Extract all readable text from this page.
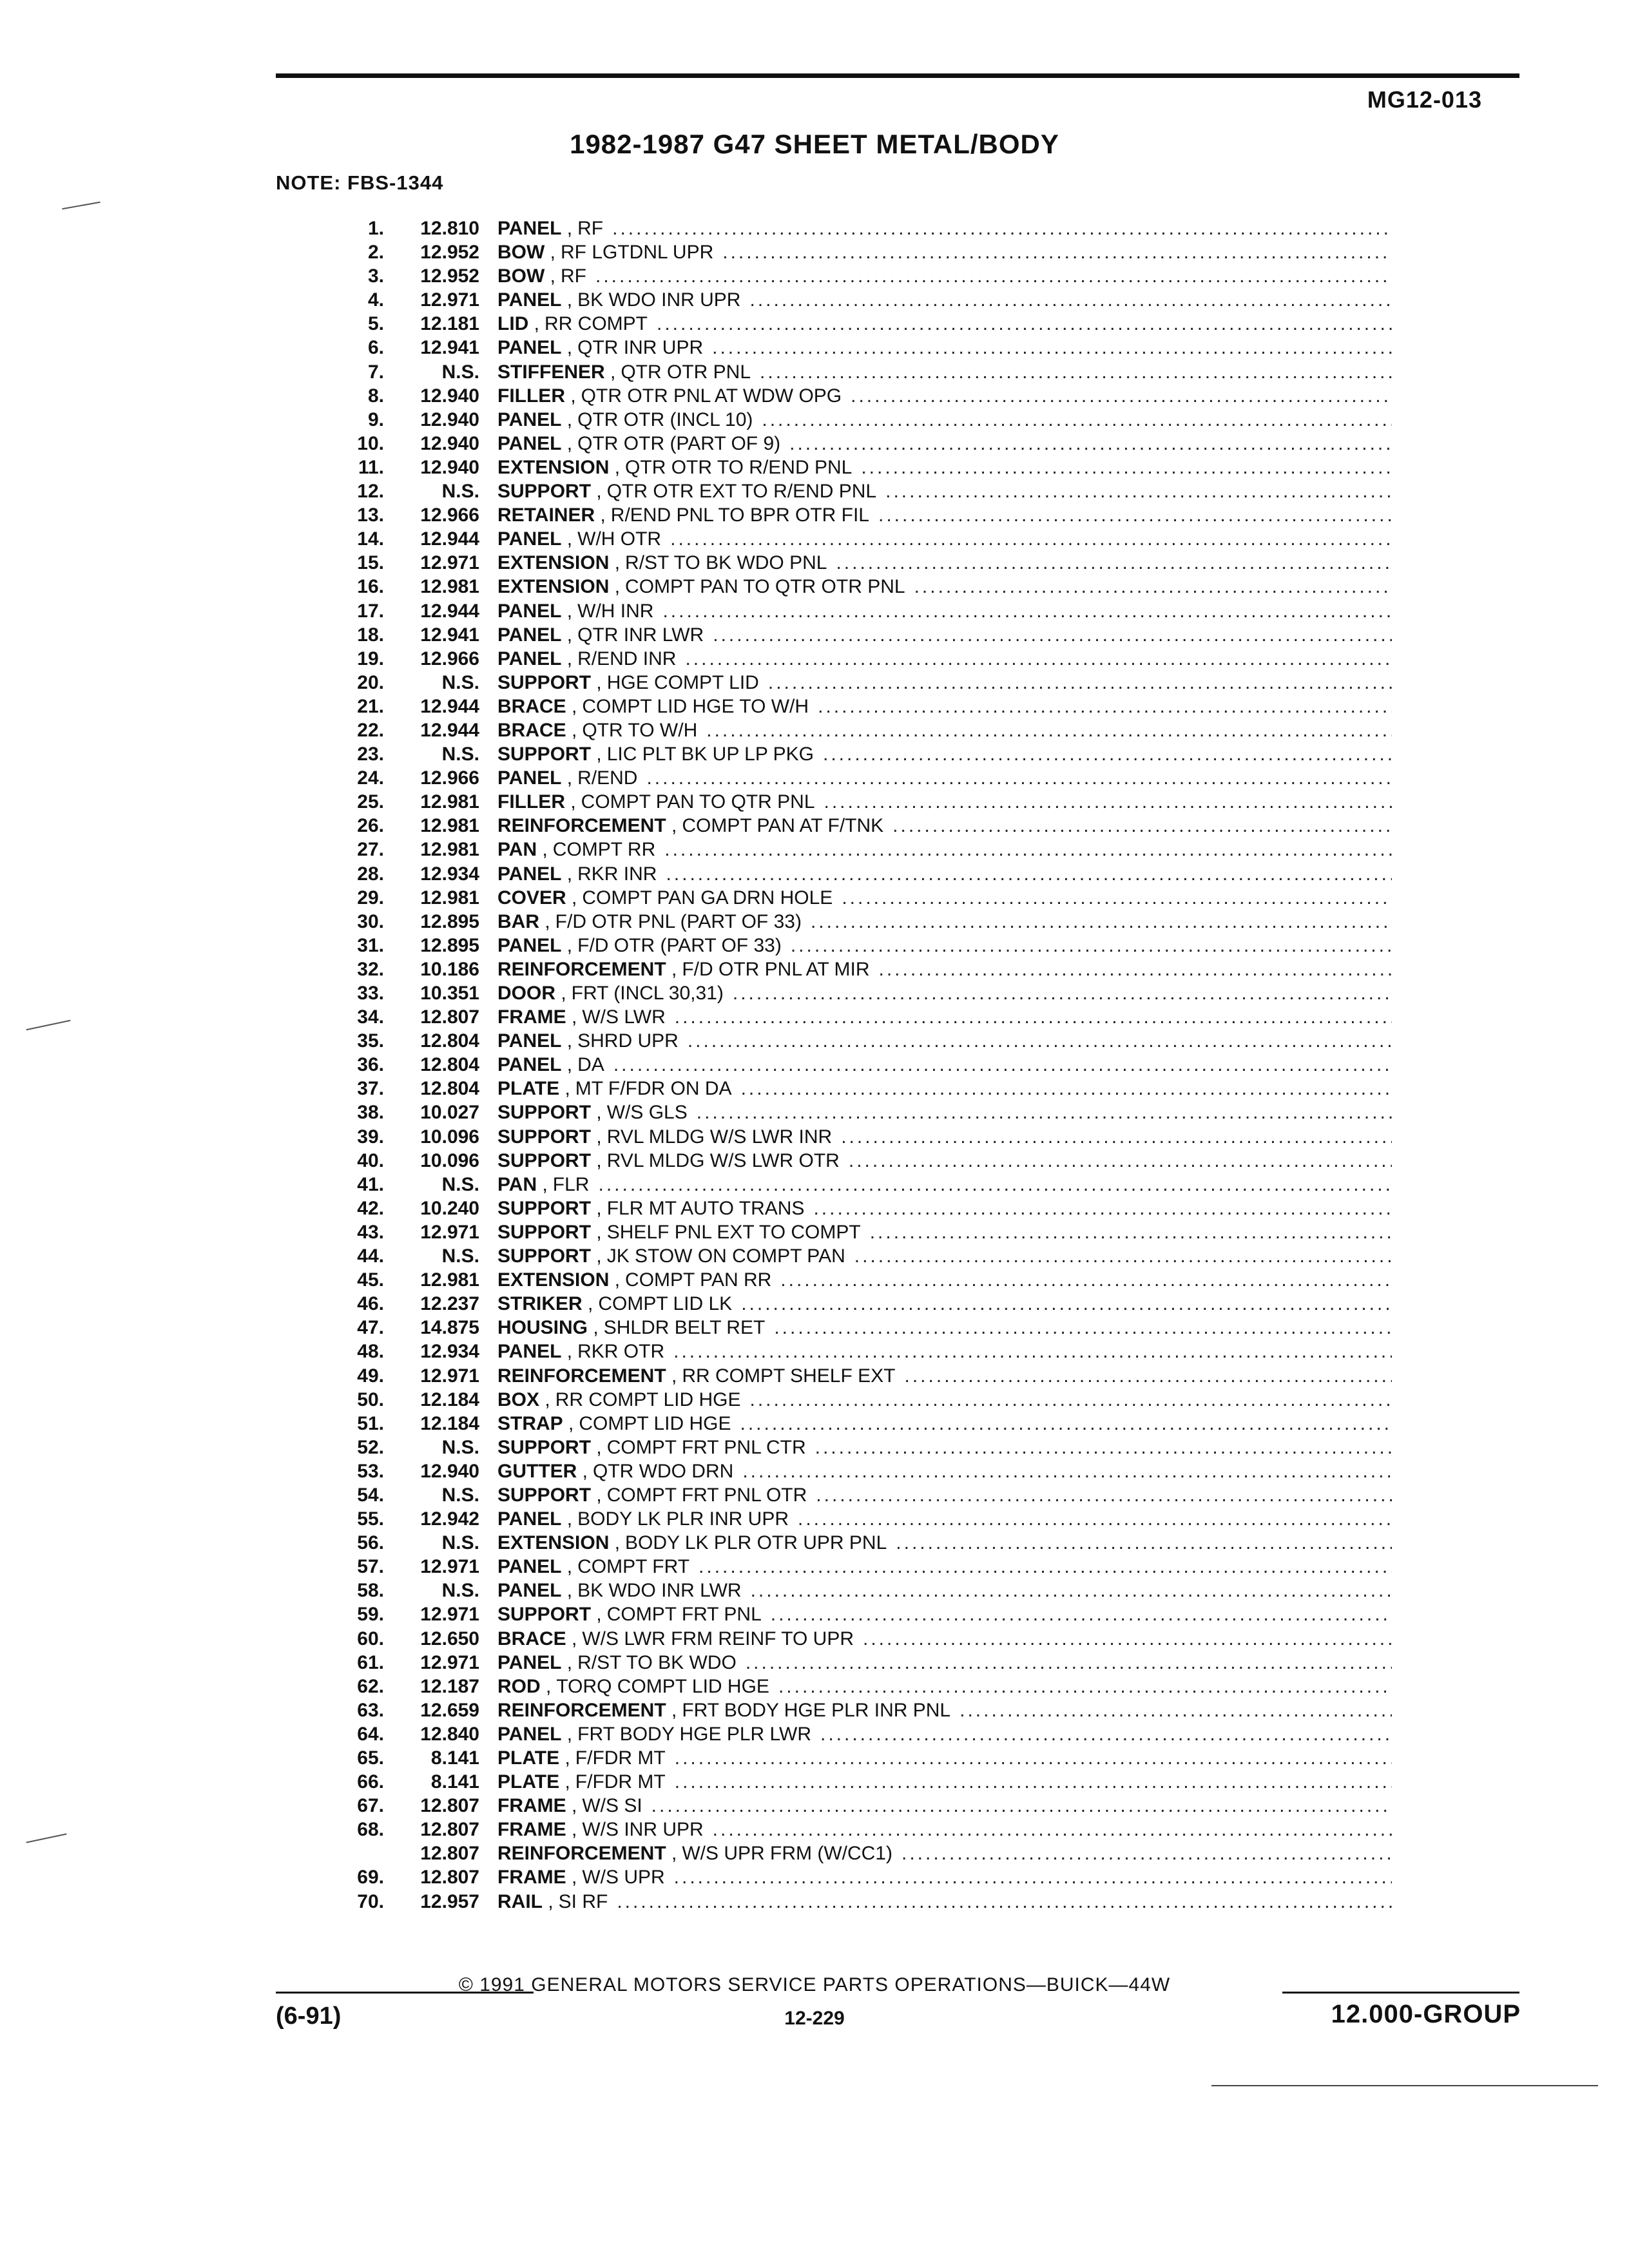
MG12-013
1982-1987 G47 SHEET METAL/BODY
NOTE: FBS-1344
1.	12.810 PANEL , RF
.....
2.	12.952 BOW , RF LGTDNL UPR
.....
3.	12.952 BOW , RF
.....
4.	12.971 PANEL , BK WDO INR UPR
.....
5.	12.181 LID , RR COMPT
.....
6.	12.941 PANEL , QTR INR UPR
.....
7.	N.S. STIFFENER , QTR OTR PNL
.....
8.	12.940 FILLER , QTR OTR PNL AT WDW OPG
.....
9.	12.940 PANEL , QTR OTR (INCL 10)
.....
10.	12.940 PANEL , QTR OTR (PART OF 9)
.....
11.	12.940 EXTENSION , QTR OTR TO R/END PNL
.....
12.	N.S. SUPPORT , QTR OTR EXT TO R/END PNL
.....
13.	12.966 RETAINER , R/END PNL TO BPR OTR FIL
.....
14.	12.944 PANEL , W/H OTR
.....
15.	12.971 EXTENSION , R/ST TO BK WDO PNL
.....
16.	12.981 EXTENSION , COMPT PAN TO QTR OTR PNL
.....
17.	12.944 PANEL , W/H INR
.....
18.	12.941 PANEL , QTR INR LWR
.....
19.	12.966 PANEL , R/END INR
.....
20.	N.S. SUPPORT , HGE COMPT LID
.....
21.	12.944 BRACE , COMPT LID HGE TO W/H
.....
22.	12.944 BRACE , QTR TO W/H
.....
23.	N.S. SUPPORT , LIC PLT BK UP LP PKG
.....
24.	12.966 PANEL , R/END
.....
25.	12.981 FILLER , COMPT PAN TO QTR PNL
.....
26.	12.981 REINFORCEMENT , COMPT PAN AT F/TNK
.....
27.	12.981 PAN , COMPT RR
.....
28.	12.934 PANEL , RKR INR
.....
29.	12.981 COVER , COMPT PAN GA DRN HOLE
.....
30.	12.895 BAR , F/D OTR PNL (PART OF 33)
.....
31.	12.895 PANEL , F/D OTR (PART OF 33)
.....
32.	10.186 REINFORCEMENT , F/D OTR PNL AT MIR
.....
33.	10.351 DOOR , FRT (INCL 30,31)
.....
34.	12.807 FRAME , W/S LWR
.....
35.	12.804 PANEL , SHRD UPR
.....
36.	12.804 PANEL , DA
.....
37.	12.804 PLATE , MT F/FDR ON DA
.....
38.	10.027 SUPPORT , W/S GLS
.....
39.	10.096 SUPPORT , RVL MLDG W/S LWR INR
.....
40.	10.096 SUPPORT , RVL MLDG W/S LWR OTR
.....
41.	N.S. PAN , FLR
.....
42.	10.240 SUPPORT , FLR MT AUTO TRANS
.....
43.	12.971 SUPPORT , SHELF PNL EXT TO COMPT
.....
44.	N.S. SUPPORT , JK STOW ON COMPT PAN
.....
45.	12.981 EXTENSION , COMPT PAN RR
.....
46.	12.237 STRIKER , COMPT LID LK
.....
47.	14.875 HOUSING , SHLDR BELT RET
.....
48.	12.934 PANEL , RKR OTR
.....
49.	12.971 REINFORCEMENT , RR COMPT SHELF EXT
.....
50.	12.184 BOX , RR COMPT LID HGE
.....
51.	12.184 STRAP , COMPT LID HGE
.....
52.	N.S. SUPPORT , COMPT FRT PNL CTR
.....
53.	12.940 GUTTER , QTR WDO DRN
.....
54.	N.S. SUPPORT , COMPT FRT PNL OTR
.....
55.	12.942 PANEL , BODY LK PLR INR UPR
.....
56.	N.S. EXTENSION , BODY LK PLR OTR UPR PNL
.....
57.	12.971 PANEL , COMPT FRT
.....
58.	N.S. PANEL , BK WDO INR LWR
.....
59.	12.971 SUPPORT , COMPT FRT PNL
.....
60.	12.650 BRACE , W/S LWR FRM REINF TO UPR
.....
61.	12.971 PANEL , R/ST TO BK WDO
.....
62.	12.187 ROD , TORQ COMPT LID HGE
.....
63.	12.659 REINFORCEMENT , FRT BODY HGE PLR INR PNL
.....
64.	12.840 PANEL , FRT BODY HGE PLR LWR
.....
65.	8.141 PLATE , F/FDR MT
.....
66.	8.141 PLATE , F/FDR MT
.....
67.	12.807 FRAME , W/S SI
.....
68.	12.807 FRAME , W/S INR UPR
.....
12.807 REINFORCEMENT , W/S UPR FRM (W/CC1)
.....
69.	12.807 FRAME , W/S UPR
.....
70.	12.957 RAIL , SI RF
.....
© 1991 GENERAL MOTORS SERVICE PARTS OPERATIONS—BUICK—44W
(6-91)	12-229	12.000-GROUP
